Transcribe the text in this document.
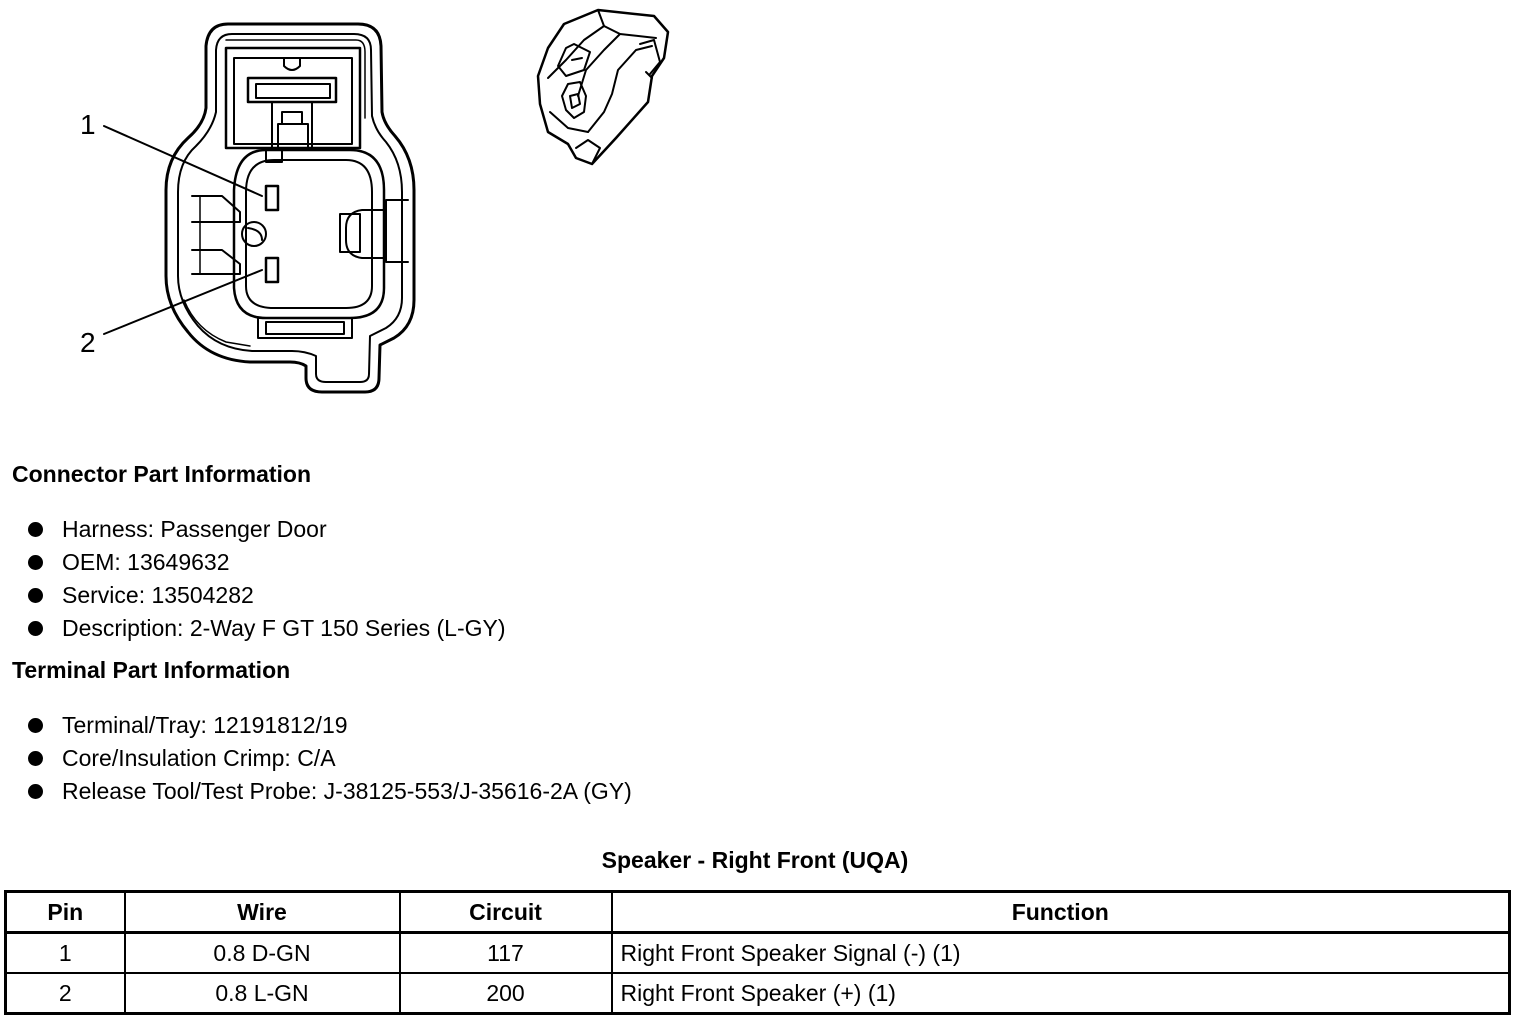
1
2
Connector Part Information
Harness: Passenger Door
OEM: 13649632
Service: 13504282
Description: 2-Way F GT 150 Series (L-GY)
Terminal Part Information
Terminal/Tray: 12191812/19
Core/Insulation Crimp: C/A
Release Tool/Test Probe: J-38125-553/J-35616-2A (GY)
Speaker - Right Front (UQA)
Pin	Wire	Circuit	Function
1	0.8 D-GN	117	Right Front Speaker Signal (-) (1)
2	0.8 L-GN	200	Right Front Speaker (+) (1)
